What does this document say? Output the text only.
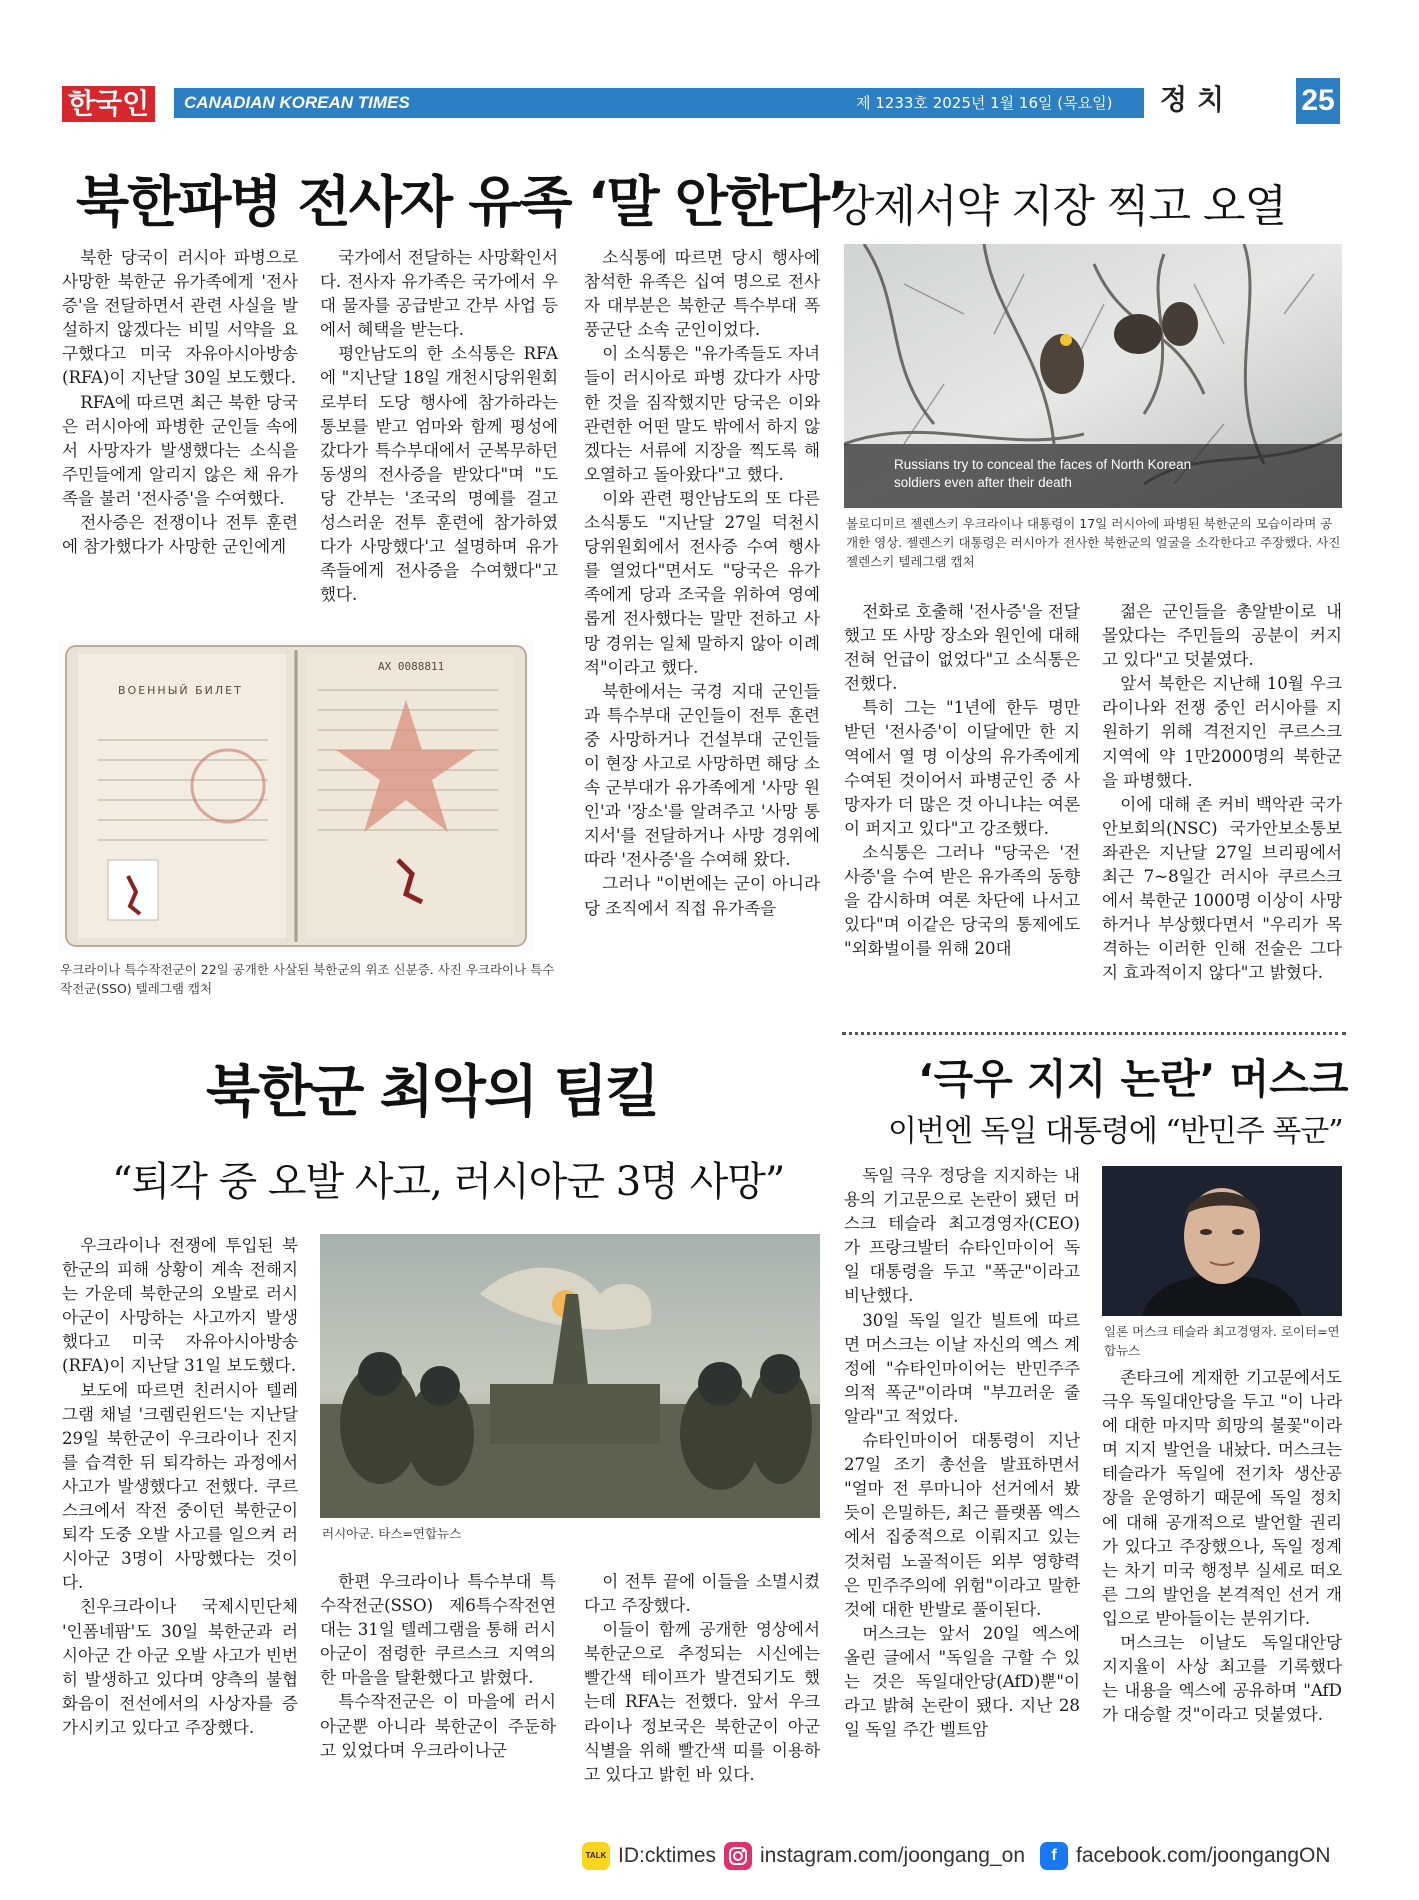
한국인	CANADIAN KOREAN TIMES	제 1233호 2025년 1월 16일 (목요일) 정치 25
북한파병 전사자 유족 ‘말 안한다’
강제서약 지장 찍고 오열

북한 당국이 러시아 파병으로 사망한 북한군 유가족에게 '전사증'을 전달하면서 관련 사실을 발설하지 않겠다는 비밀 서약을 요구했다고 미국 자유아시아방송(RFA)이 지난달 30일 보도했다.

RFA에 따르면 최근 북한 당국은 러시아에 파병한 군인들 속에서 사망자가 발생했다는 소식을 주민들에게 알리지 않은 채 유가족을 불러 '전사증'을 수여했다.

전사증은 전쟁이나 전투 훈련에 참가했다가 사망한 군인에게

국가에서 전달하는 사망확인서다. 전사자 유가족은 국가에서 우대 물자를 공급받고 간부 사업 등에서 혜택을 받는다.

평안남도의 한 소식통은 RFA에 "지난달 18일 개천시당위원회로부터 도당 행사에 참가하라는 통보를 받고 엄마와 함께 평성에 갔다가 특수부대에서 군복무하던 동생의 전사증을 받았다"며 "도당 간부는 '조국의 명예를 걸고 성스러운 전투 훈련에 참가하였다가 사망했다'고 설명하며 유가족들에게 전사증을 수여했다"고 했다.

소식통에 따르면 당시 행사에 참석한 유족은 십여 명으로 전사자 대부분은 북한군 특수부대 폭풍군단 소속 군인이었다.

이 소식통은 "유가족들도 자녀들이 러시아로 파병 갔다가 사망한 것을 짐작했지만 당국은 이와 관련한 어떤 말도 밖에서 하지 않겠다는 서류에 지장을 찍도록 해 오열하고 돌아왔다"고 했다.

이와 관련 평안남도의 또 다른 소식통도 "지난달 27일 덕천시당위원회에서 전사증 수여 행사를 열었다"면서도 "당국은 유가족에게 당과 조국을 위하여 영예롭게 전사했다는 말만 전하고 사망 경위는 일체 말하지 않아 이례적"이라고 했다.

북한에서는 국경 지대 군인들과 특수부대 군인들이 전투 훈련 중 사망하거나 건설부대 군인들이 현장 사고로 사망하면 해당 소속 군부대가 유가족에게 '사망 원인'과 '장소'를 알려주고 '사망 통지서'를 전달하거나 사망 경위에 따라 '전사증'을 수여해 왔다.

그러나 "이번에는 군이 아니라 당 조직에서 직접 유가족을

전화로 호출해 '전사증'을 전달했고 또 사망 장소와 원인에 대해 전혀 언급이 없었다"고 소식통은 전했다.

특히 그는 "1년에 한두 명만 받던 '전사증'이 이달에만 한 지역에서 열 명 이상의 유가족에게 수여된 것이어서 파병군인 중 사망자가 더 많은 것 아니냐는 여론이 퍼지고 있다"고 강조했다.

소식통은 그러나 "당국은 '전사증'을 수여 받은 유가족의 동향을 감시하며 여론 차단에 나서고 있다"며 이같은 당국의 통제에도 "외화벌이를 위해 20대

젊은 군인들을 총알받이로 내몰았다는 주민들의 공분이 커지고 있다"고 덧붙였다.

앞서 북한은 지난해 10월 우크라이나와 전쟁 중인 러시아를 지원하기 위해 격전지인 쿠르스크 지역에 약 1만2000명의 북한군을 파병했다.

이에 대해 존 커비 백악관 국가안보회의(NSC) 국가안보소통보좌관은 지난달 27일 브리핑에서 최근 7~8일간 러시아 쿠르스크에서 북한군 1000명 이상이 사망하거나 부상했다면서 "우리가 목격하는 이러한 인해 전술은 그다지 효과적이지 않다"고 밝혔다.

Russians try to conceal the faces of North Korean soldiers even after their death
볼로디미르 젤렌스키 우크라이나 대통령이 17일 러시아에 파병된 북한군의 모습이라며 공개한 영상. 젤렌스키 대통령은 러시아가 전사한 북한군의 얼굴을 소각한다고 주장했다. 사진 젤렌스키 텔레그램 캡처
ВОЕННЫЙ БИЛЕТ
АХ 0088811
우크라이나 특수작전군이 22일 공개한 사살된 북한군의 위조 신분증. 사진 우크라이나 특수작전군(SSO) 텔레그램 캡처
북한군 최악의 팀킬
“퇴각 중 오발 사고, 러시아군 3명 사망”

우크라이나 전쟁에 투입된 북한군의 피해 상황이 계속 전해지는 가운데 북한군의 오발로 러시아군이 사망하는 사고까지 발생했다고 미국 자유아시아방송(RFA)이 지난달 31일 보도했다.

보도에 따르면 친러시아 텔레그램 채널 '크렘린윈드'는 지난달 29일 북한군이 우크라이나 진지를 습격한 뒤 퇴각하는 과정에서 사고가 발생했다고 전했다. 쿠르스크에서 작전 중이던 북한군이 퇴각 도중 오발 사고를 일으켜 러시아군 3명이 사망했다는 것이다.

친우크라이나 국제시민단체 '인폼네팜'도 30일 북한군과 러시아군 간 아군 오발 사고가 빈번히 발생하고 있다며 양측의 불협화음이 전선에서의 사상자를 증가시키고 있다고 주장했다.

러시아군. 타스=연합뉴스

한편 우크라이나 특수부대 특수작전군(SSO) 제6특수작전연대는 31일 텔레그램을 통해 러시아군이 점령한 쿠르스크 지역의 한 마을을 탈환했다고 밝혔다.

특수작전군은 이 마을에 러시아군뿐 아니라 북한군이 주둔하고 있었다며 우크라이나군

이 전투 끝에 이들을 소멸시켰다고 주장했다.

이들이 함께 공개한 영상에서 북한군으로 추정되는 시신에는 빨간색 테이프가 발견되기도 했는데 RFA는 전했다. 앞서 우크라이나 정보국은 북한군이 아군 식별을 위해 빨간색 띠를 이용하고 있다고 밝힌 바 있다.

‘극우 지지 논란’ 머스크
이번엔 독일 대통령에 “반민주 폭군”

독일 극우 정당을 지지하는 내용의 기고문으로 논란이 됐던 머스크 테슬라 최고경영자(CEO)가 프랑크발터 슈타인마이어 독일 대통령을 두고 "폭군"이라고 비난했다.

30일 독일 일간 빌트에 따르면 머스크는 이날 자신의 엑스 계정에 "슈타인마이어는 반민주주의적 폭군"이라며 "부끄러운 줄 알라"고 적었다.

슈타인마이어 대통령이 지난 27일 조기 총선을 발표하면서 "얼마 전 루마니아 선거에서 봤듯이 은밀하든, 최근 플랫폼 엑스에서 집중적으로 이뤄지고 있는 것처럼 노골적이든 외부 영향력은 민주주의에 위험"이라고 말한 것에 대한 반발로 풀이된다.

머스크는 앞서 20일 엑스에 올린 글에서 "독일을 구할 수 있는 것은 독일대안당(AfD)뿐"이라고 밝혀 논란이 됐다. 지난 28일 독일 주간 벨트암

일론 머스크 테슬라 최고경영자. 로이터=연합뉴스

존타크에 게재한 기고문에서도 극우 독일대안당을 두고 "이 나라에 대한 마지막 희망의 불꽃"이라며 지지 발언을 내놨다. 머스크는 테슬라가 독일에 전기차 생산공장을 운영하기 때문에 독일 정치에 대해 공개적으로 발언할 권리가 있다고 주장했으나, 독일 정계는 차기 미국 행정부 실세로 떠오른 그의 발언을 본격적인 선거 개입으로 받아들이는 분위기다.

머스크는 이날도 독일대안당 지지율이 사상 최고를 기록했다는 내용을 엑스에 공유하며 "AfD가 대승할 것"이라고 덧붙였다.

TALK ID:cktimes instagram.com/joongang_on	f facebook.com/joongangON
